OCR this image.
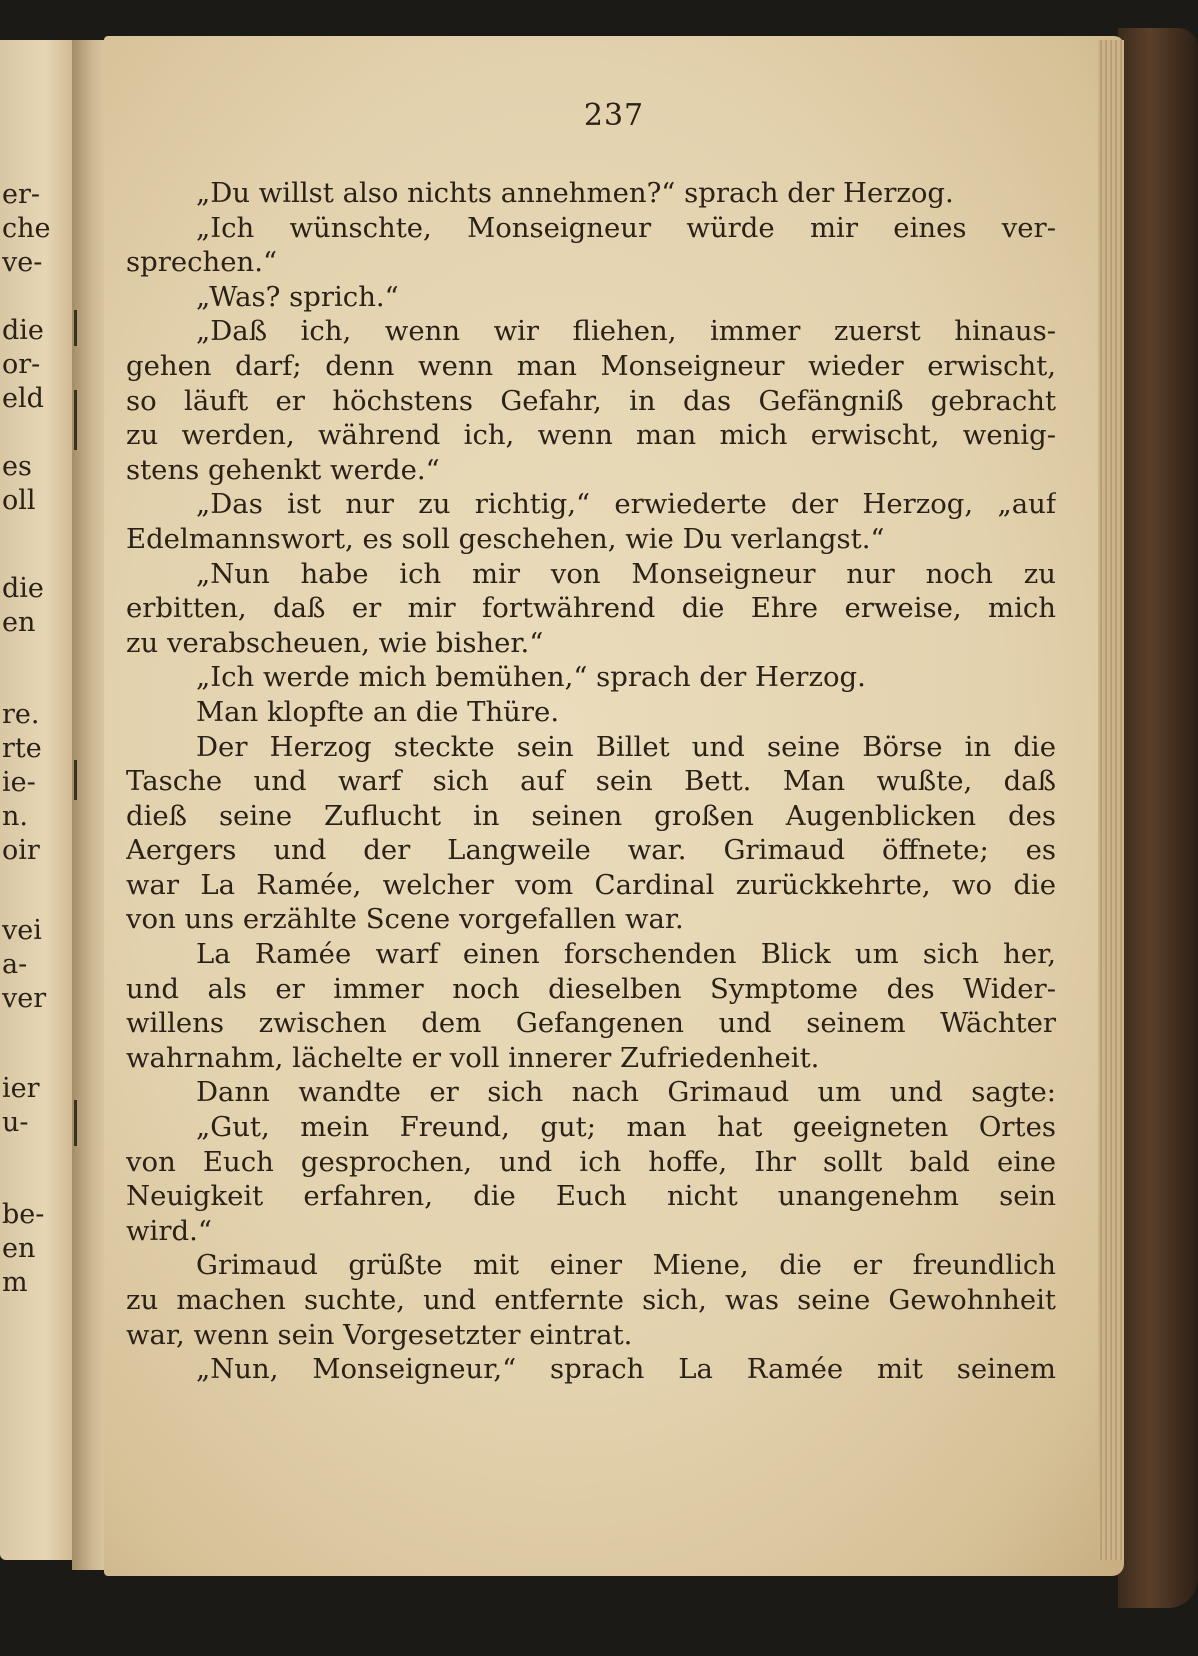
er-
che
ve-
die
or-
eld
es
oll
die
en
re.
rte
ie-
n.
oir
vei
a-
ver
ier
u-
be-
en
m
237
„Du willst also nichts annehmen?“ sprach der Herzog.
„Ich wünschte, Monseigneur würde mir eines ver-
sprechen.“
„Was? sprich.“
„Daß ich, wenn wir fliehen, immer zuerst hinaus-
gehen darf; denn wenn man Monseigneur wieder erwischt,
so läuft er höchstens Gefahr, in das Gefängniß gebracht
zu werden, während ich, wenn man mich erwischt, wenig-
stens gehenkt werde.“
„Das ist nur zu richtig,“ erwiederte der Herzog, „auf
Edelmannswort, es soll geschehen, wie Du verlangst.“
„Nun habe ich mir von Monseigneur nur noch zu
erbitten, daß er mir fortwährend die Ehre erweise, mich
zu verabscheuen, wie bisher.“
„Ich werde mich bemühen,“ sprach der Herzog.
Man klopfte an die Thüre.
Der Herzog steckte sein Billet und seine Börse in die
Tasche und warf sich auf sein Bett. Man wußte, daß
dieß seine Zuflucht in seinen großen Augenblicken des
Aergers und der Langweile war. Grimaud öffnete; es
war La Ramée, welcher vom Cardinal zurückkehrte, wo die
von uns erzählte Scene vorgefallen war.
La Ramée warf einen forschenden Blick um sich her,
und als er immer noch dieselben Symptome des Wider-
willens zwischen dem Gefangenen und seinem Wächter
wahrnahm, lächelte er voll innerer Zufriedenheit.
Dann wandte er sich nach Grimaud um und sagte:
„Gut, mein Freund, gut; man hat geeigneten Ortes
von Euch gesprochen, und ich hoffe, Ihr sollt bald eine
Neuigkeit erfahren, die Euch nicht unangenehm sein
wird.“
Grimaud grüßte mit einer Miene, die er freundlich
zu machen suchte, und entfernte sich, was seine Gewohnheit
war, wenn sein Vorgesetzter eintrat.
„Nun, Monseigneur,“ sprach La Ramée mit seinem
